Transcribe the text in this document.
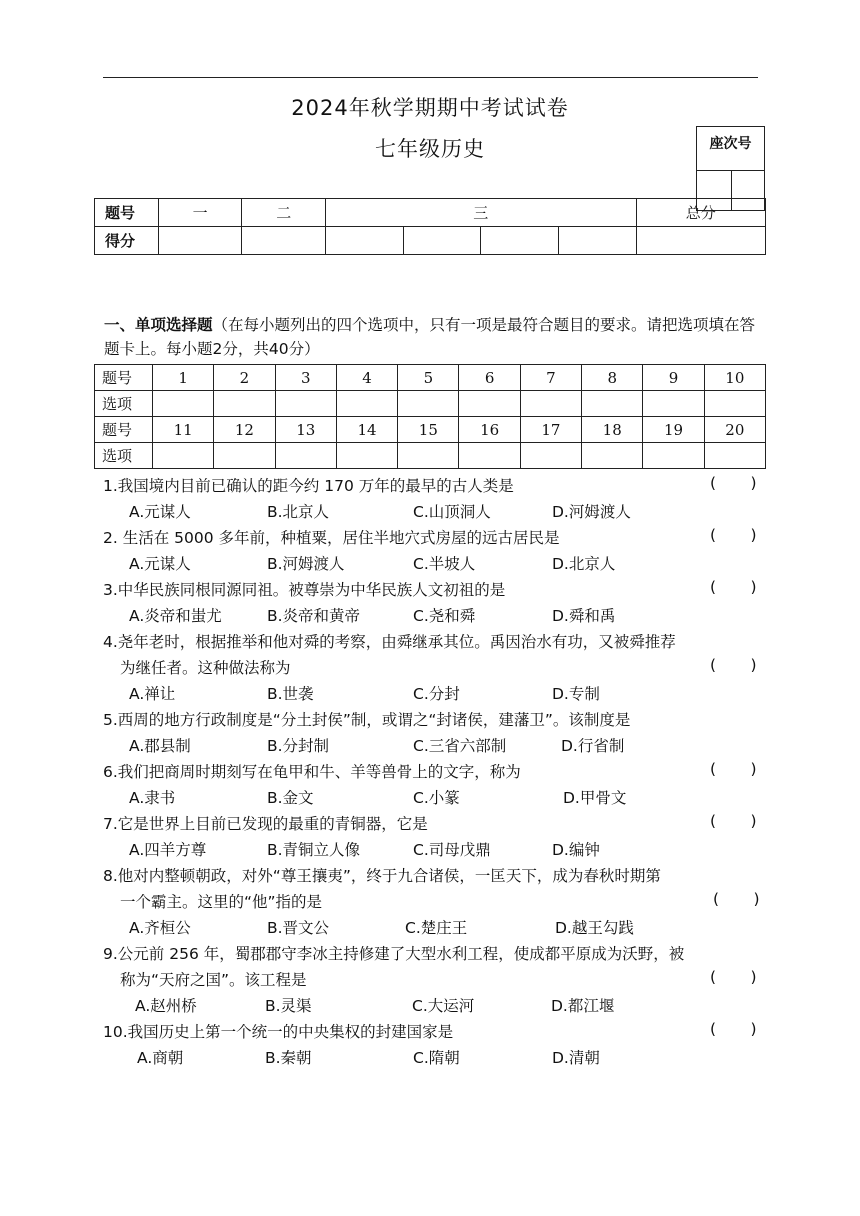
2024年秋学期期中考试试卷
七年级历史	座次号

题号	一	二	三				总分
得分							
一、单项选择题（在每小题列出的四个选项中，只有一项是最符合题目的要求。请把选项填在答题卡上。每小题2分，共40分）
题号	1	2	3	4	5	6	7	8	9	10
选项										
题号	11	12	13	14	15	16	17	18	19	20
选项										
1.我国境内目前已确认的距今约 170 万年的最早的古人类是	(       )
A.元谋人	B.北京人	C.山顶洞人	D.河姆渡人
2. 生活在 5000 多年前，种植粟，居住半地穴式房屋的远古居民是	(       )
A.元谋人	B.河姆渡人	C.半坡人	D.北京人
3.中华民族同根同源同祖。被尊崇为中华民族人文初祖的是	(       )
A.炎帝和蚩尤	B.炎帝和黄帝	C.尧和舜	D.舜和禹
4.尧年老时，根据推举和他对舜的考察，由舜继承其位。禹因治水有功，又被舜推荐
为继任者。这种做法称为	(       )
A.禅让	B.世袭	C.分封	D.专制
5.西周的地方行政制度是“分土封侯”制，或谓之“封诸侯，建藩卫”。该制度是
A.郡县制	B.分封制	C.三省六部制	D.行省制
6.我们把商周时期刻写在龟甲和牛、羊等兽骨上的文字，称为	(       )
A.隶书	B.金文	C.小篆	D.甲骨文
7.它是世界上目前已发现的最重的青铜器，它是	(       )
A.四羊方尊	B.青铜立人像	C.司母戊鼎	D.编钟
8.他对内整顿朝政，对外“尊王攘夷”，终于九合诸侯，一匡天下，成为春秋时期第
一个霸主。这里的“他”指的是	(       )
A.齐桓公	B.晋文公	C.楚庄王	D.越王勾践
9.公元前 256 年，蜀郡郡守李冰主持修建了大型水利工程，使成都平原成为沃野，被
称为“天府之国”。该工程是	(       )
A.赵州桥	B.灵渠	C.大运河	D.都江堰
10.我国历史上第一个统一的中央集权的封建国家是	(       )
A.商朝	B.秦朝	C.隋朝	D.清朝
